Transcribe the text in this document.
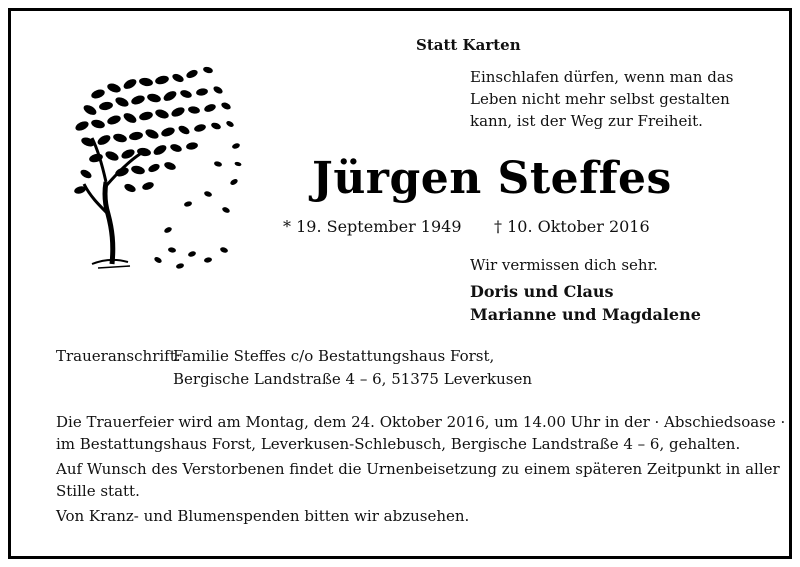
Statt Karten
Einschlafen dürfen, wenn man das
Leben nicht mehr selbst gestalten
kann, ist der Weg zur Freiheit.
Jürgen Steffes
* 19. September 1949 † 10. Oktober 2016
Wir vermissen dich sehr.
Doris und Claus
Marianne und Magdalene
Traueranschrift:
Familie Steffes c/o Bestattungshaus Forst,
Bergische Landstraße 4 – 6, 51375 Leverkusen
Die Trauerfeier wird am Montag, dem 24. Oktober 2016, um 14.00 Uhr in der · Abschiedsoase ·
im Bestattungshaus Forst, Leverkusen-Schlebusch, Bergische Landstraße 4 – 6, gehalten.
Auf Wunsch des Verstorbenen findet die Urnenbeisetzung zu einem späteren Zeitpunkt in aller
Stille statt.
Von Kranz- und Blumenspenden bitten wir abzusehen.
